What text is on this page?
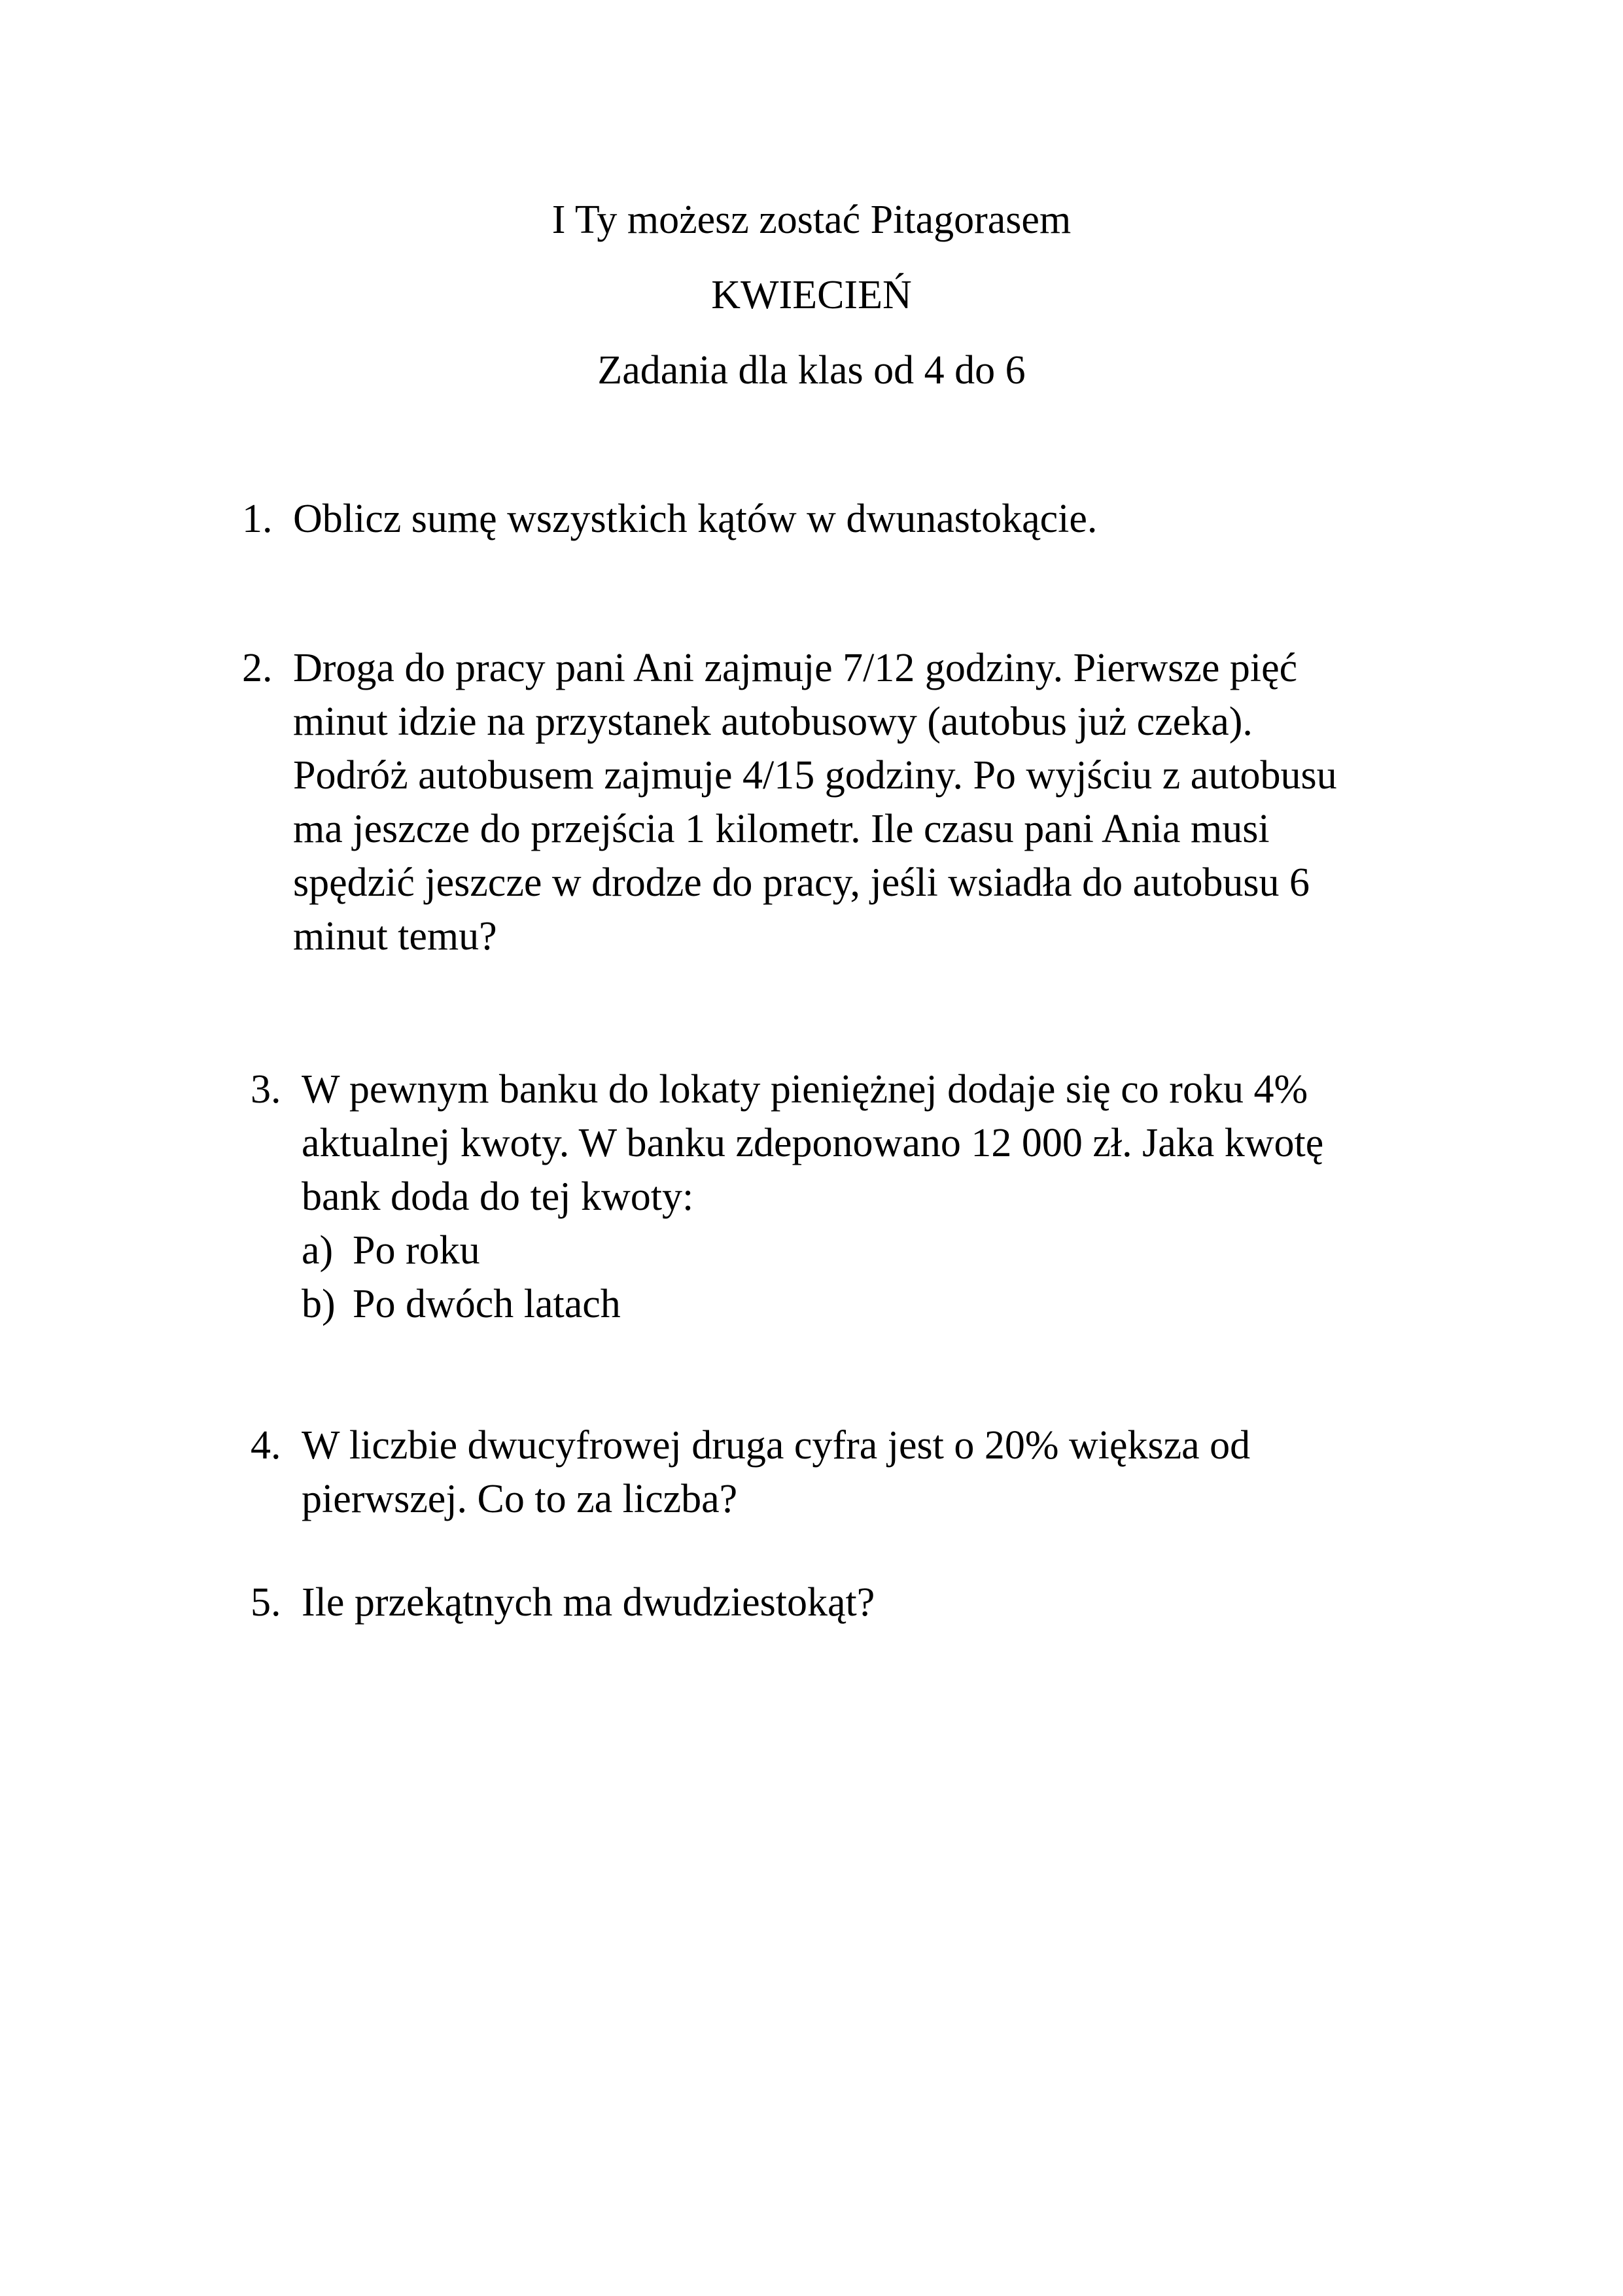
I Ty możesz zostać Pitagorasem
KWIECIEŃ
Zadania dla klas od 4 do 6
1. Oblicz sumę wszystkich kątów w dwunastokącie.
2. Droga do pracy pani Ani zajmuje 7/12 godziny. Pierwsze pięć
minut idzie na przystanek autobusowy (autobus już czeka).
Podróż autobusem zajmuje 4/15 godziny. Po wyjściu z autobusu
ma jeszcze do przejścia 1 kilometr. Ile czasu pani Ania musi
spędzić jeszcze w drodze do pracy, jeśli wsiadła do autobusu 6
minut temu?
3. W pewnym banku do lokaty pieniężnej dodaje się co roku 4%
aktualnej kwoty. W banku zdeponowano 12 000 zł. Jaka kwotę
bank doda do tej kwoty:
a) Po roku
b) Po dwóch latach
4. W liczbie dwucyfrowej druga cyfra jest o 20% większa od
pierwszej. Co to za liczba?
5. Ile przekątnych ma dwudziestokąt?
